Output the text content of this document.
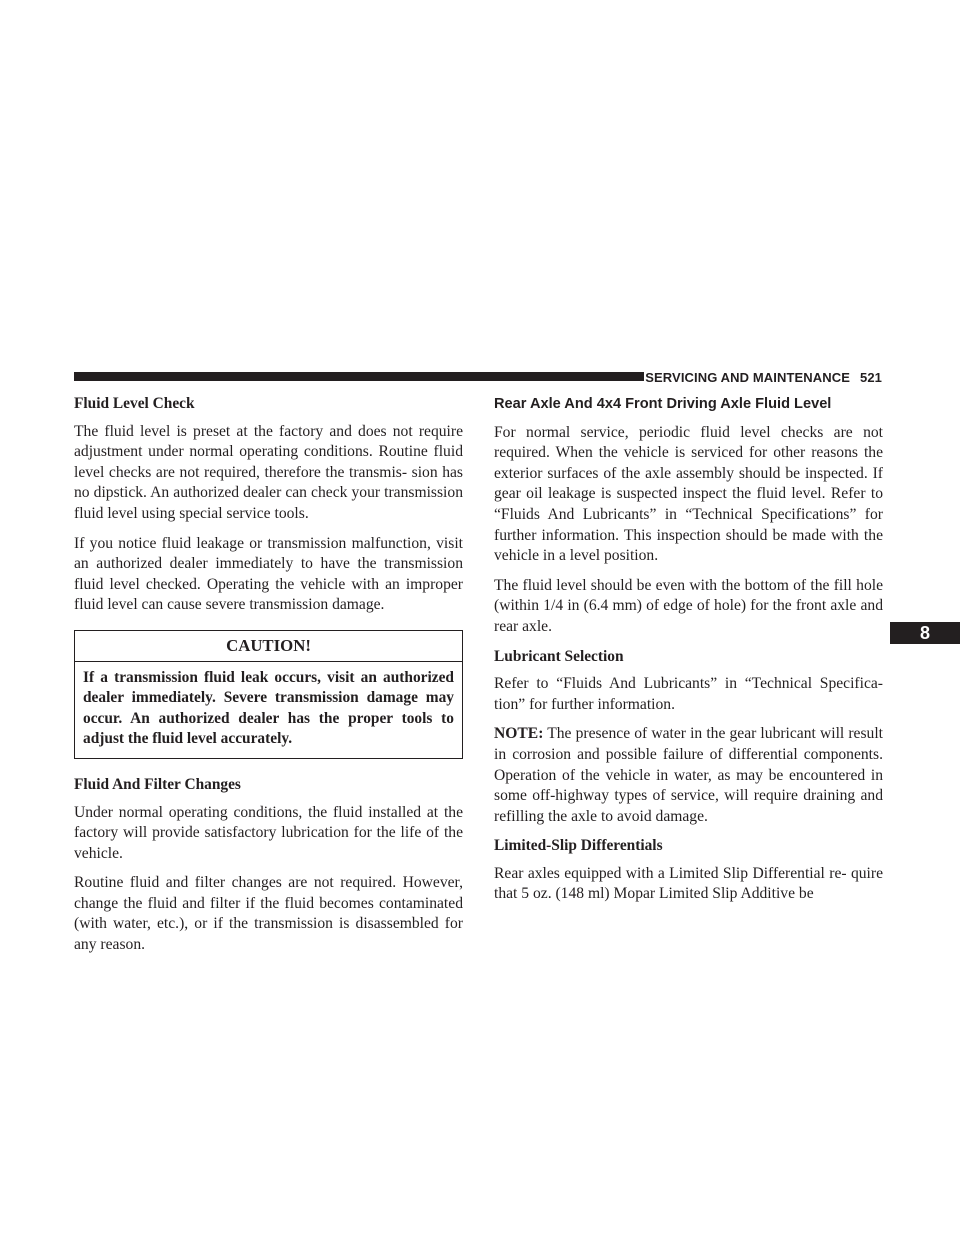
SERVICING AND MAINTENANCE 521
Fluid Level Check

The fluid level is preset at the factory and does not require adjustment under normal operating conditions. Routine fluid level checks are not required, therefore the transmis- sion has no dipstick. An authorized dealer can check your transmission fluid level using special service tools.

If you notice fluid leakage or transmission malfunction, visit an authorized dealer immediately to have the transmission fluid level checked. Operating the vehicle with an improper fluid level can cause severe transmission damage.

CAUTION!
If a transmission fluid leak occurs, visit an authorized dealer immediately. Severe transmission damage may occur. An authorized dealer has the proper tools to adjust the fluid level accurately.
Fluid And Filter Changes

Under normal operating conditions, the fluid installed at the factory will provide satisfactory lubrication for the life of the vehicle.

Routine fluid and filter changes are not required. However, change the fluid and filter if the fluid becomes contaminated (with water, etc.), or if the transmission is disassembled for any reason.

Rear Axle And 4x4 Front Driving Axle Fluid Level

For normal service, periodic fluid level checks are not required. When the vehicle is serviced for other reasons the exterior surfaces of the axle assembly should be inspected. If gear oil leakage is suspected inspect the fluid level. Refer to “Fluids And Lubricants” in “Technical Specifications” for further information. This inspection should be made with the vehicle in a level position.

The fluid level should be even with the bottom of the fill hole (within 1/4 in (6.4 mm) of edge of hole) for the front axle and rear axle.

Lubricant Selection

Refer to “Fluids And Lubricants” in “Technical Specifica- tion” for further information.

NOTE: The presence of water in the gear lubricant will result in corrosion and possible failure of differential components. Operation of the vehicle in water, as may be encountered in some off-highway types of service, will require draining and refilling the axle to avoid damage.

Limited-Slip Differentials

Rear axles equipped with a Limited Slip Differential re- quire that 5 oz. (148 ml) Mopar Limited Slip Additive be

8
